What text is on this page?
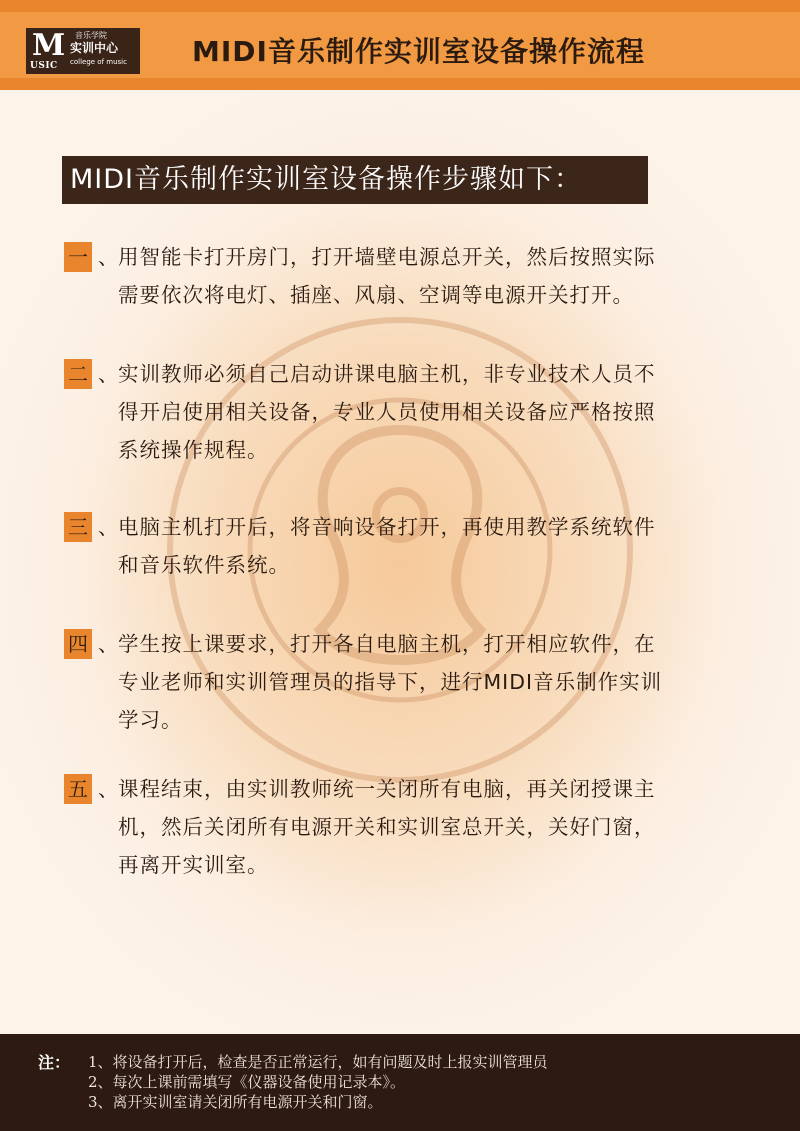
M
USIC
音乐学院
实训中心
college of music MIDI音乐制作实训室设备操作流程
MIDI音乐制作实训室设备操作步骤如下：
一 、 用智能卡打开房门，打开墙壁电源总开关，然后按照实际
需要依次将电灯、插座、风扇、空调等电源开关打开。
二 、 实训教师必须自己启动讲课电脑主机，非专业技术人员不
得开启使用相关设备，专业人员使用相关设备应严格按照
系统操作规程。
三 、 电脑主机打开后，将音响设备打开，再使用教学系统软件
和音乐软件系统。
四 、 学生按上课要求，打开各自电脑主机，打开相应软件，在
专业老师和实训管理员的指导下，进行MIDI音乐制作实训
学习。
五 、 课程结束，由实训教师统一关闭所有电脑，再关闭授课主
机，然后关闭所有电源开关和实训室总开关，关好门窗，
再离开实训室。
注： 1、将设备打开后，检查是否正常运行，如有问题及时上报实训管理员
2、每次上课前需填写《仪器设备使用记录本》。
3、离开实训室请关闭所有电源开关和门窗。
